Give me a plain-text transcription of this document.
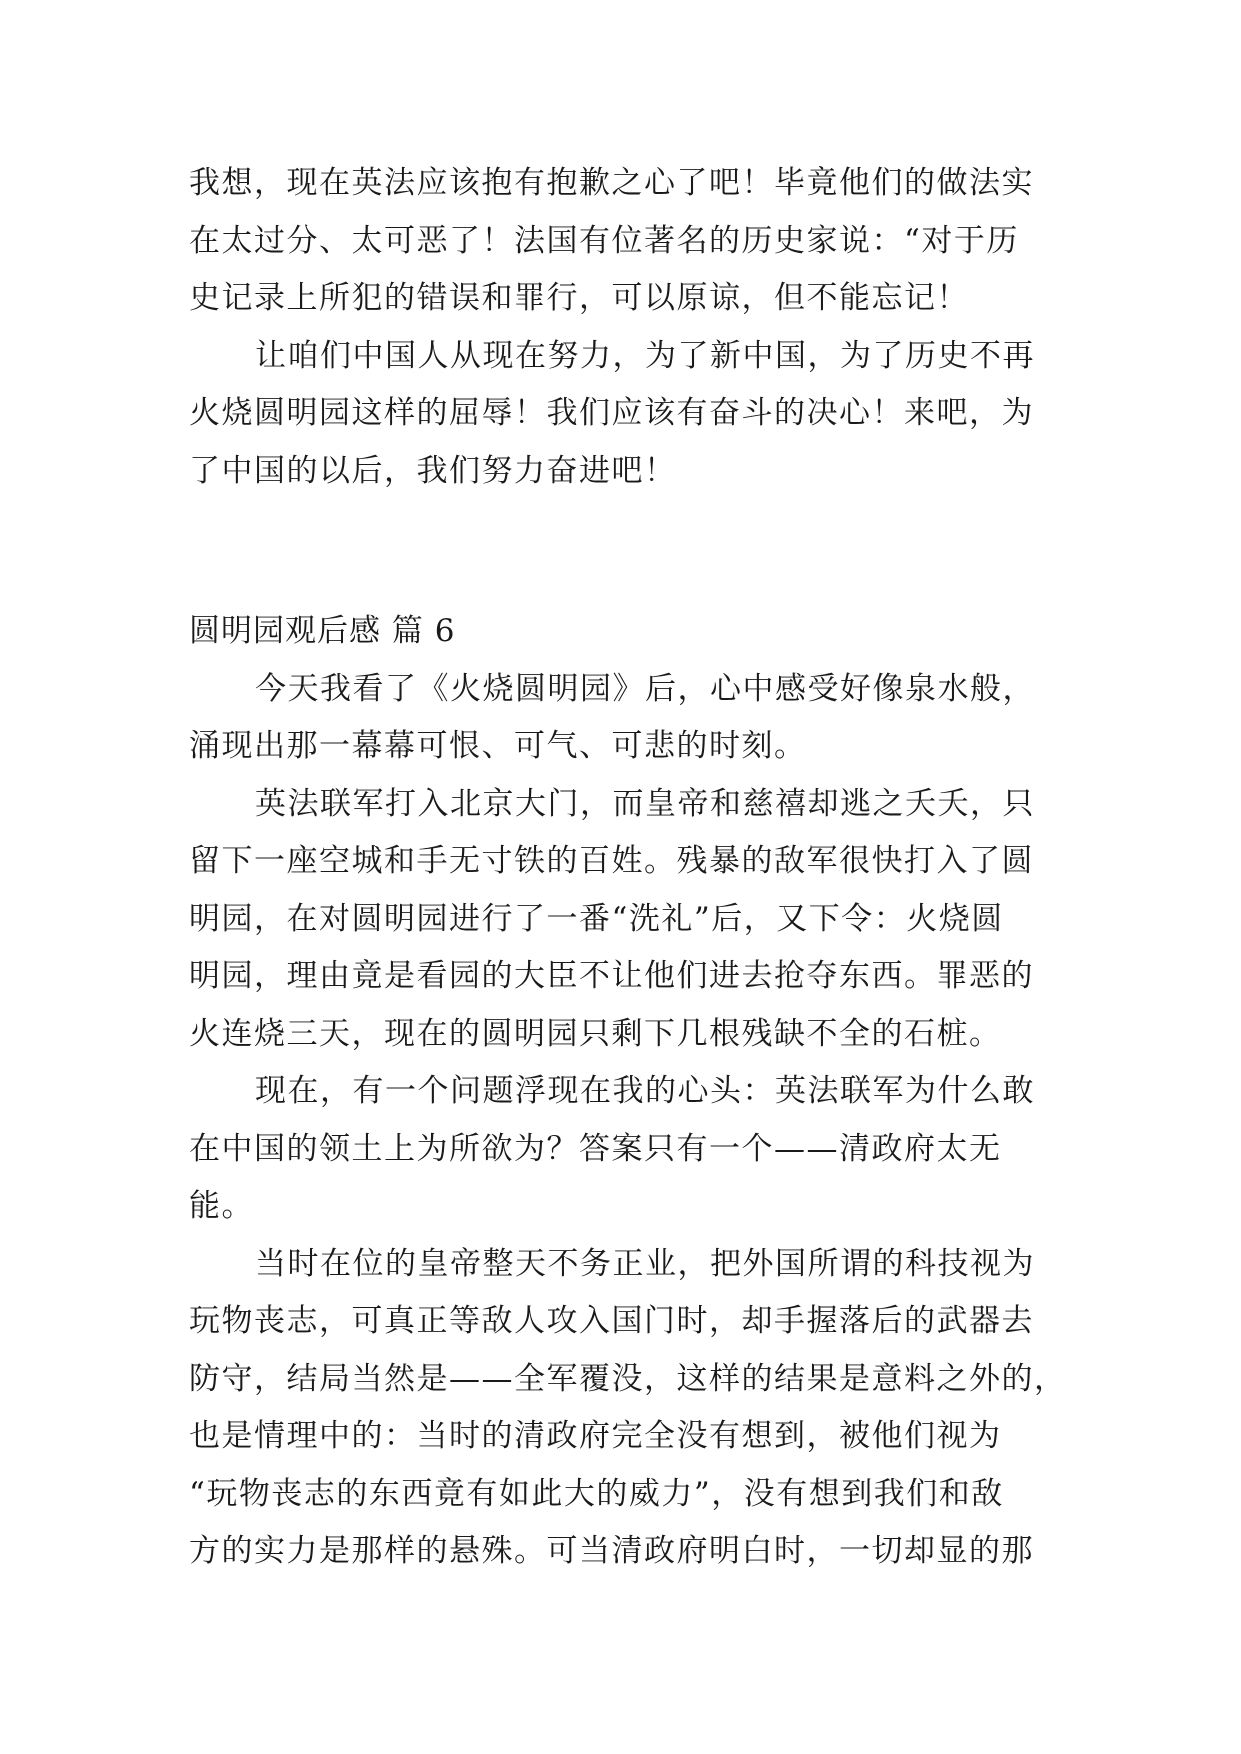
我想，现在英法应该抱有抱歉之心了吧！毕竟他们的做法实
在太过分、太可恶了！法国有位著名的历史家说：“对于历
史记录上所犯的错误和罪行，可以原谅，但不能忘记！
让咱们中国人从现在努力，为了新中国，为了历史不再
火烧圆明园这样的屈辱！我们应该有奋斗的决心！来吧，为
了中国的以后，我们努力奋进吧！
圆明园观后感 篇 6
今天我看了《火烧圆明园》后，心中感受好像泉水般，
涌现出那一幕幕可恨、可气、可悲的时刻。
英法联军打入北京大门，而皇帝和慈禧却逃之夭夭，只
留下一座空城和手无寸铁的百姓。残暴的敌军很快打入了圆
明园，在对圆明园进行了一番“洗礼”后，又下令：火烧圆
明园，理由竟是看园的大臣不让他们进去抢夺东西。罪恶的
火连烧三天，现在的圆明园只剩下几根残缺不全的石桩。
现在，有一个问题浮现在我的心头：英法联军为什么敢
在中国的领土上为所欲为？答案只有一个——清政府太无
能。
当时在位的皇帝整天不务正业，把外国所谓的科技视为
玩物丧志，可真正等敌人攻入国门时，却手握落后的武器去
防守，结局当然是——全军覆没，这样的结果是意料之外的，
也是情理中的：当时的清政府完全没有想到，被他们视为
“玩物丧志的东西竟有如此大的威力”，没有想到我们和敌
方的实力是那样的悬殊。可当清政府明白时，一切却显的那
